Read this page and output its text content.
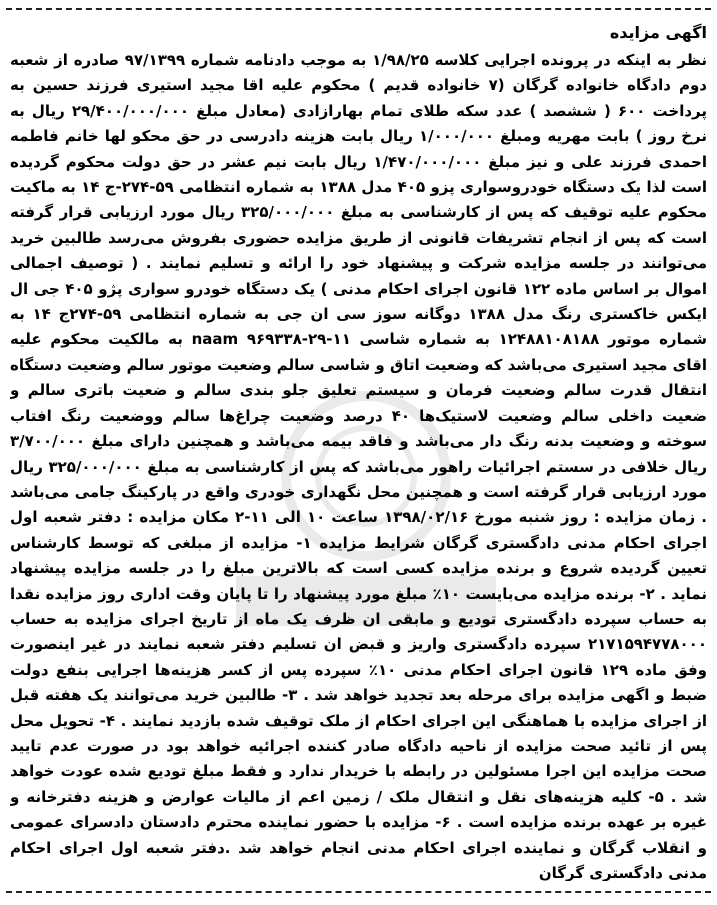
اگهی مزایده

نظر به اینکه در پرونده اجرایی کلاسه ۱/۹۸/۲۵ به موجب دادنامه شماره ۹۷/۱۳۹۹ صادره از شعبه دوم دادگاه خانواده گرگان (۷ خانواده قدیم ) محکوم علیه اقا مجید استیری فرزند حسین به پرداخت ۶۰۰ ( ششصد ) عدد سکه طلای تمام بهارازادی (معادل مبلغ ۲۹/۴۰۰/۰۰۰/۰۰۰ ریال به نرخ روز ) بابت مهریه ومبلغ ۱/۰۰۰/۰۰۰ ریال بابت هزینه دادرسی در حق محکو لها خانم فاطمه احمدی فرزند علی و نیز مبلغ ۱/۴۷۰/۰۰۰/۰۰۰ ریال بابت نیم عشر در حق دولت محکوم گردیده است لذا یک دستگاه خودروسواری پزو ۴۰۵ مدل ۱۳۸۸ به شماره انتظامی ۵۹-۲۷۴-ج ۱۴ به ماکیت محکوم علیه توقیف که پس از کارشناسی به مبلغ ۳۲۵/۰۰۰/۰۰۰ ریال مورد ارزیابی قرار گرفته است که پس از انجام تشریفات قانونی از طریق مزایده حضوری بفروش می‌رسد طالبین خرید می‌توانند در جلسه مزایده شرکت و پیشنهاد خود را ارائه و تسلیم نمایند . ( توصیف اجمالی اموال بر اساس ماده ۱۲۲ قانون اجرای احکام مدنی ) یک دستگاه خودرو سواری پژو ۴۰۵ جی ال ایکس خاکستری رنگ مدل ۱۳۸۸ دوگانه سوز سی ان جی به شماره انتظامی ۵۹-۲۷۴ج ۱۴ به شماره موتور ۱۲۴۸۸۱۰۸۱۸۸ به شماره شاسی naam ۹۶۹۳۳۸-۲۹-۱۱ به مالکیت محکوم علیه اقای مجید استیری می‌باشد که وضعیت اتاق و شاسی سالم وضعیت موتور سالم وضعیت دستگاه انتقال قدرت سالم وضعیت فرمان و سیستم تعلیق جلو بندی سالم و ضعیت باتری سالم و ضعیت داخلی سالم وضعیت لاستیک‌ها ۴۰ درصد وضعیت چراغ‌ها سالم ووضعیت رنگ افتاب سوخته و وضعیت بدنه رنگ دار می‌باشد و فاقد بیمه می‌باشد و همچنین دارای مبلغ ۳/۷۰۰/۰۰۰ ریال خلافی در سستم اجرائیات راهور می‌باشد که پس از کارشناسی به مبلغ ۳۲۵/۰۰۰/۰۰۰ ریال مورد ارزیابی قرار گرفته است و همچنین محل نگهداری خودری واقع در پارکینگ جامی می‌باشد . زمان مزایده : روز شنبه مورخ ۱۳۹۸/۰۲/۱۶ ساعت ۱۰ الی ۱۱-۲ مکان مزایده : دفتر شعبه اول اجرای احکام مدنی دادگستری گرگان شرایط مزایده ۱- مزایده از مبلغی که توسط کارشناس تعیین گردیده شروع و برنده مزایده کسی است که بالاترین مبلغ را در جلسه مزایده پیشنهاد نماید . ۲- برنده مزایده می‌بایست ۱۰٪ مبلغ مورد پیشنهاد را تا پایان وقت اداری روز مزایده نقدا به حساب سپرده دادگستری تودیع و مابقی ان ظرف یک ماه از تاریخ اجرای مزایده به حساب ۲۱۷۱۵۹۴۷۷۸۰۰۰ سپرده دادگستری واریز و قبض ان تسلیم دفتر شعبه نمایند در غیر اینصورت وفق ماده ۱۲۹ قانون اجرای احکام مدنی ۱۰٪ سپرده پس از کسر هزینه‌ها اجرایی بنفع دولت ضبط و اگهی مزایده برای مرحله بعد تجدید خواهد شد . ۳- طالبین خرید می‌توانند یک هفته قبل از اجرای مزایده با هماهنگی این اجرای احکام از ملک توقیف شده بازدید نمایند . ۴- تحویل محل پس از تائید صحت مزایده از ناحیه دادگاه صادر کننده اجرائیه خواهد بود در صورت عدم تایید صحت مزایده این اجرا مسئولین در رابطه با خریدار ندارد و فقط مبلغ تودیع شده عودت خواهد شد . ۵- کلیه هزینه‌های نقل و انتقال ملک / زمین اعم از مالیات عوارض و هزینه دفترخانه و غیره بر عهده برنده مزایده است . ۶- مزایده با حضور نماینده محترم دادستان دادسرای عمومی و انقلاب گرگان و نماینده اجرای احکام مدنی انجام خواهد شد .دفتر شعبه اول اجرای احکام مدنی دادگستری گرگان
